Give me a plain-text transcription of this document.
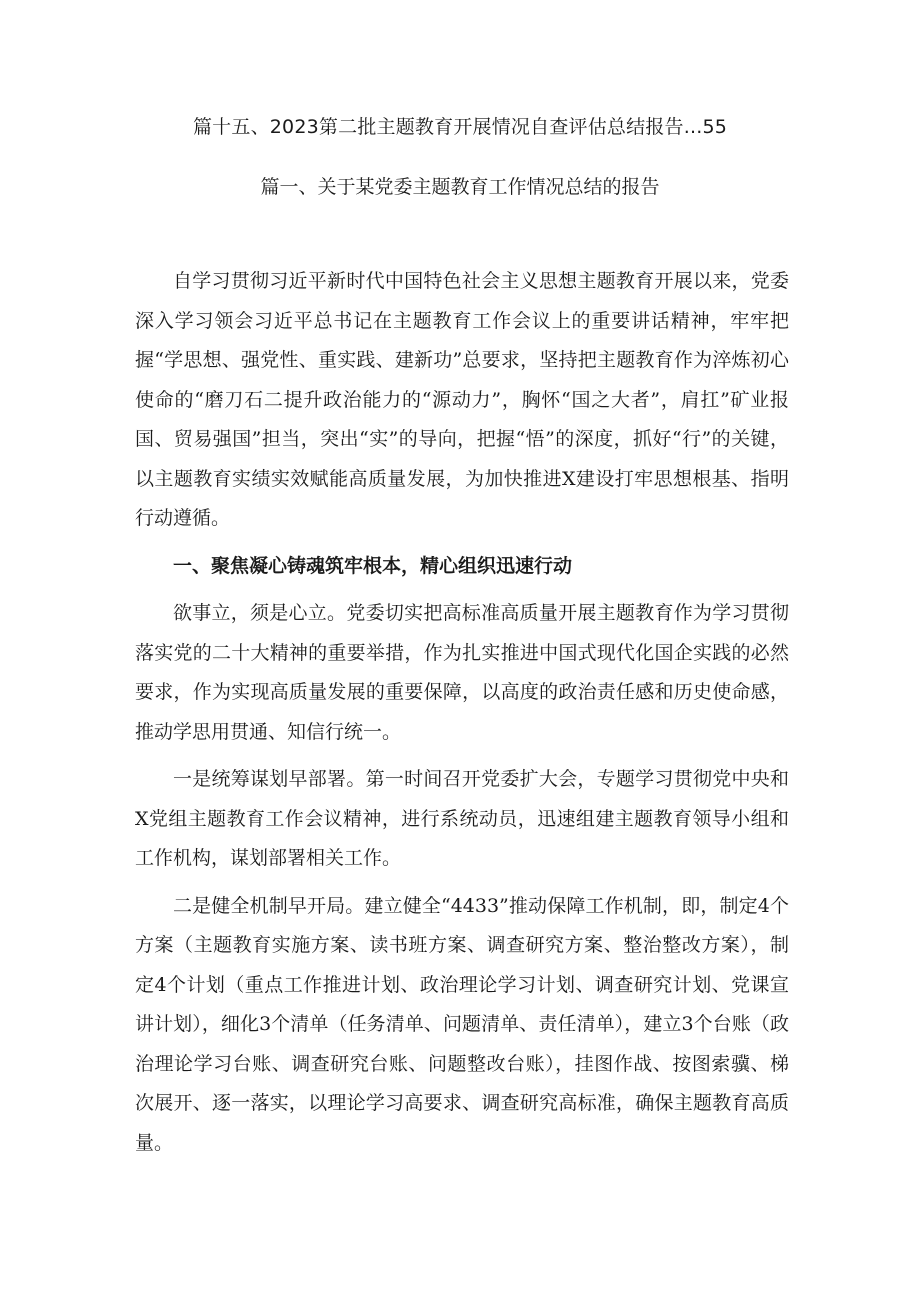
篇十五、2023第二批主题教育开展情况自查评估总结报告...55
篇一、关于某党委主题教育工作情况总结的报告

自学习贯彻习近平新时代中国特色社会主义思想主题教育开展以来，党委深入学习领会习近平总书记在主题教育工作会议上的重要讲话精神，牢牢把握“学思想、强党性、重实践、建新功”总要求，坚持把主题教育作为淬炼初心使命的“磨刀石二提升政治能力的“源动力”，胸怀“国之大者”，肩扛”矿业报国、贸易强国”担当，突出“实”的导向，把握“悟”的深度，抓好“行”的关键，以主题教育实绩实效赋能高质量发展，为加快推进X建设打牢思想根基、指明行动遵循。

一、聚焦凝心铸魂筑牢根本，精心组织迅速行动

欲事立，须是心立。党委切实把高标准高质量开展主题教育作为学习贯彻落实党的二十大精神的重要举措，作为扎实推进中国式现代化国企实践的必然要求，作为实现高质量发展的重要保障，以高度的政治责任感和历史使命感，推动学思用贯通、知信行统一。

一是统筹谋划早部署。第一时间召开党委扩大会，专题学习贯彻党中央和X党组主题教育工作会议精神，进行系统动员，迅速组建主题教育领导小组和工作机构，谋划部署相关工作。

二是健全机制早开局。建立健全“4433”推动保障工作机制，即，制定4个方案（主题教育实施方案、读书班方案、调查研究方案、整治整改方案），制定4个计划（重点工作推进计划、政治理论学习计划、调查研究计划、党课宣讲计划），细化3个清单（任务清单、问题清单、责任清单），建立3个台账（政治理论学习台账、调查研究台账、问题整改台账），挂图作战、按图索骥、梯次展开、逐一落实，以理论学习高要求、调查研究高标准，确保主题教育高质量。
